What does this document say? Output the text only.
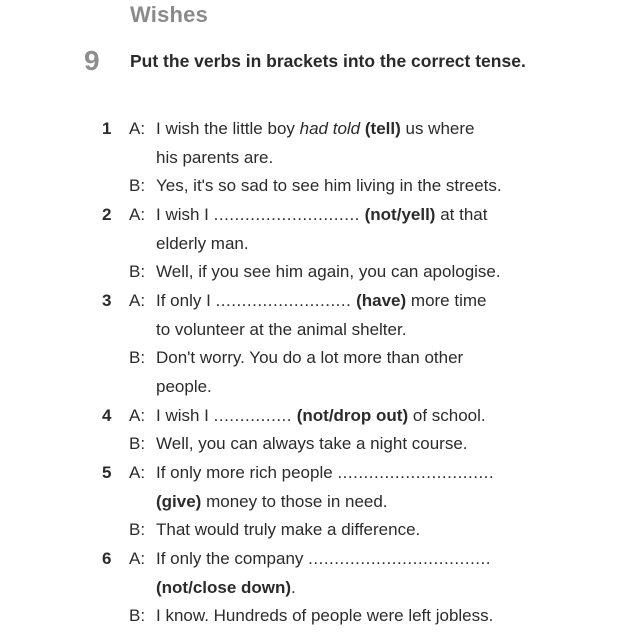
Wishes
9 Put the verbs in brackets into the correct tense.
1 A: I wish the little boy had told (tell) us where
his parents are.
B: Yes, it's so sad to see him living in the streets.
2 A: I wish I ............................ (not/yell) at that
elderly man.
B: Well, if you see him again, you can apologise.
3 A: If only I .......................... (have) more time
to volunteer at the animal shelter.
B: Don't worry. You do a lot more than other
people.
4 A: I wish I ............... (not/drop out) of school.
B: Well, you can always take a night course.
5 A: If only more rich people ..............................
(give) money to those in need.
B: That would truly make a difference.
6 A: If only the company ...................................
(not/close down).
B: I know. Hundreds of people were left jobless.
